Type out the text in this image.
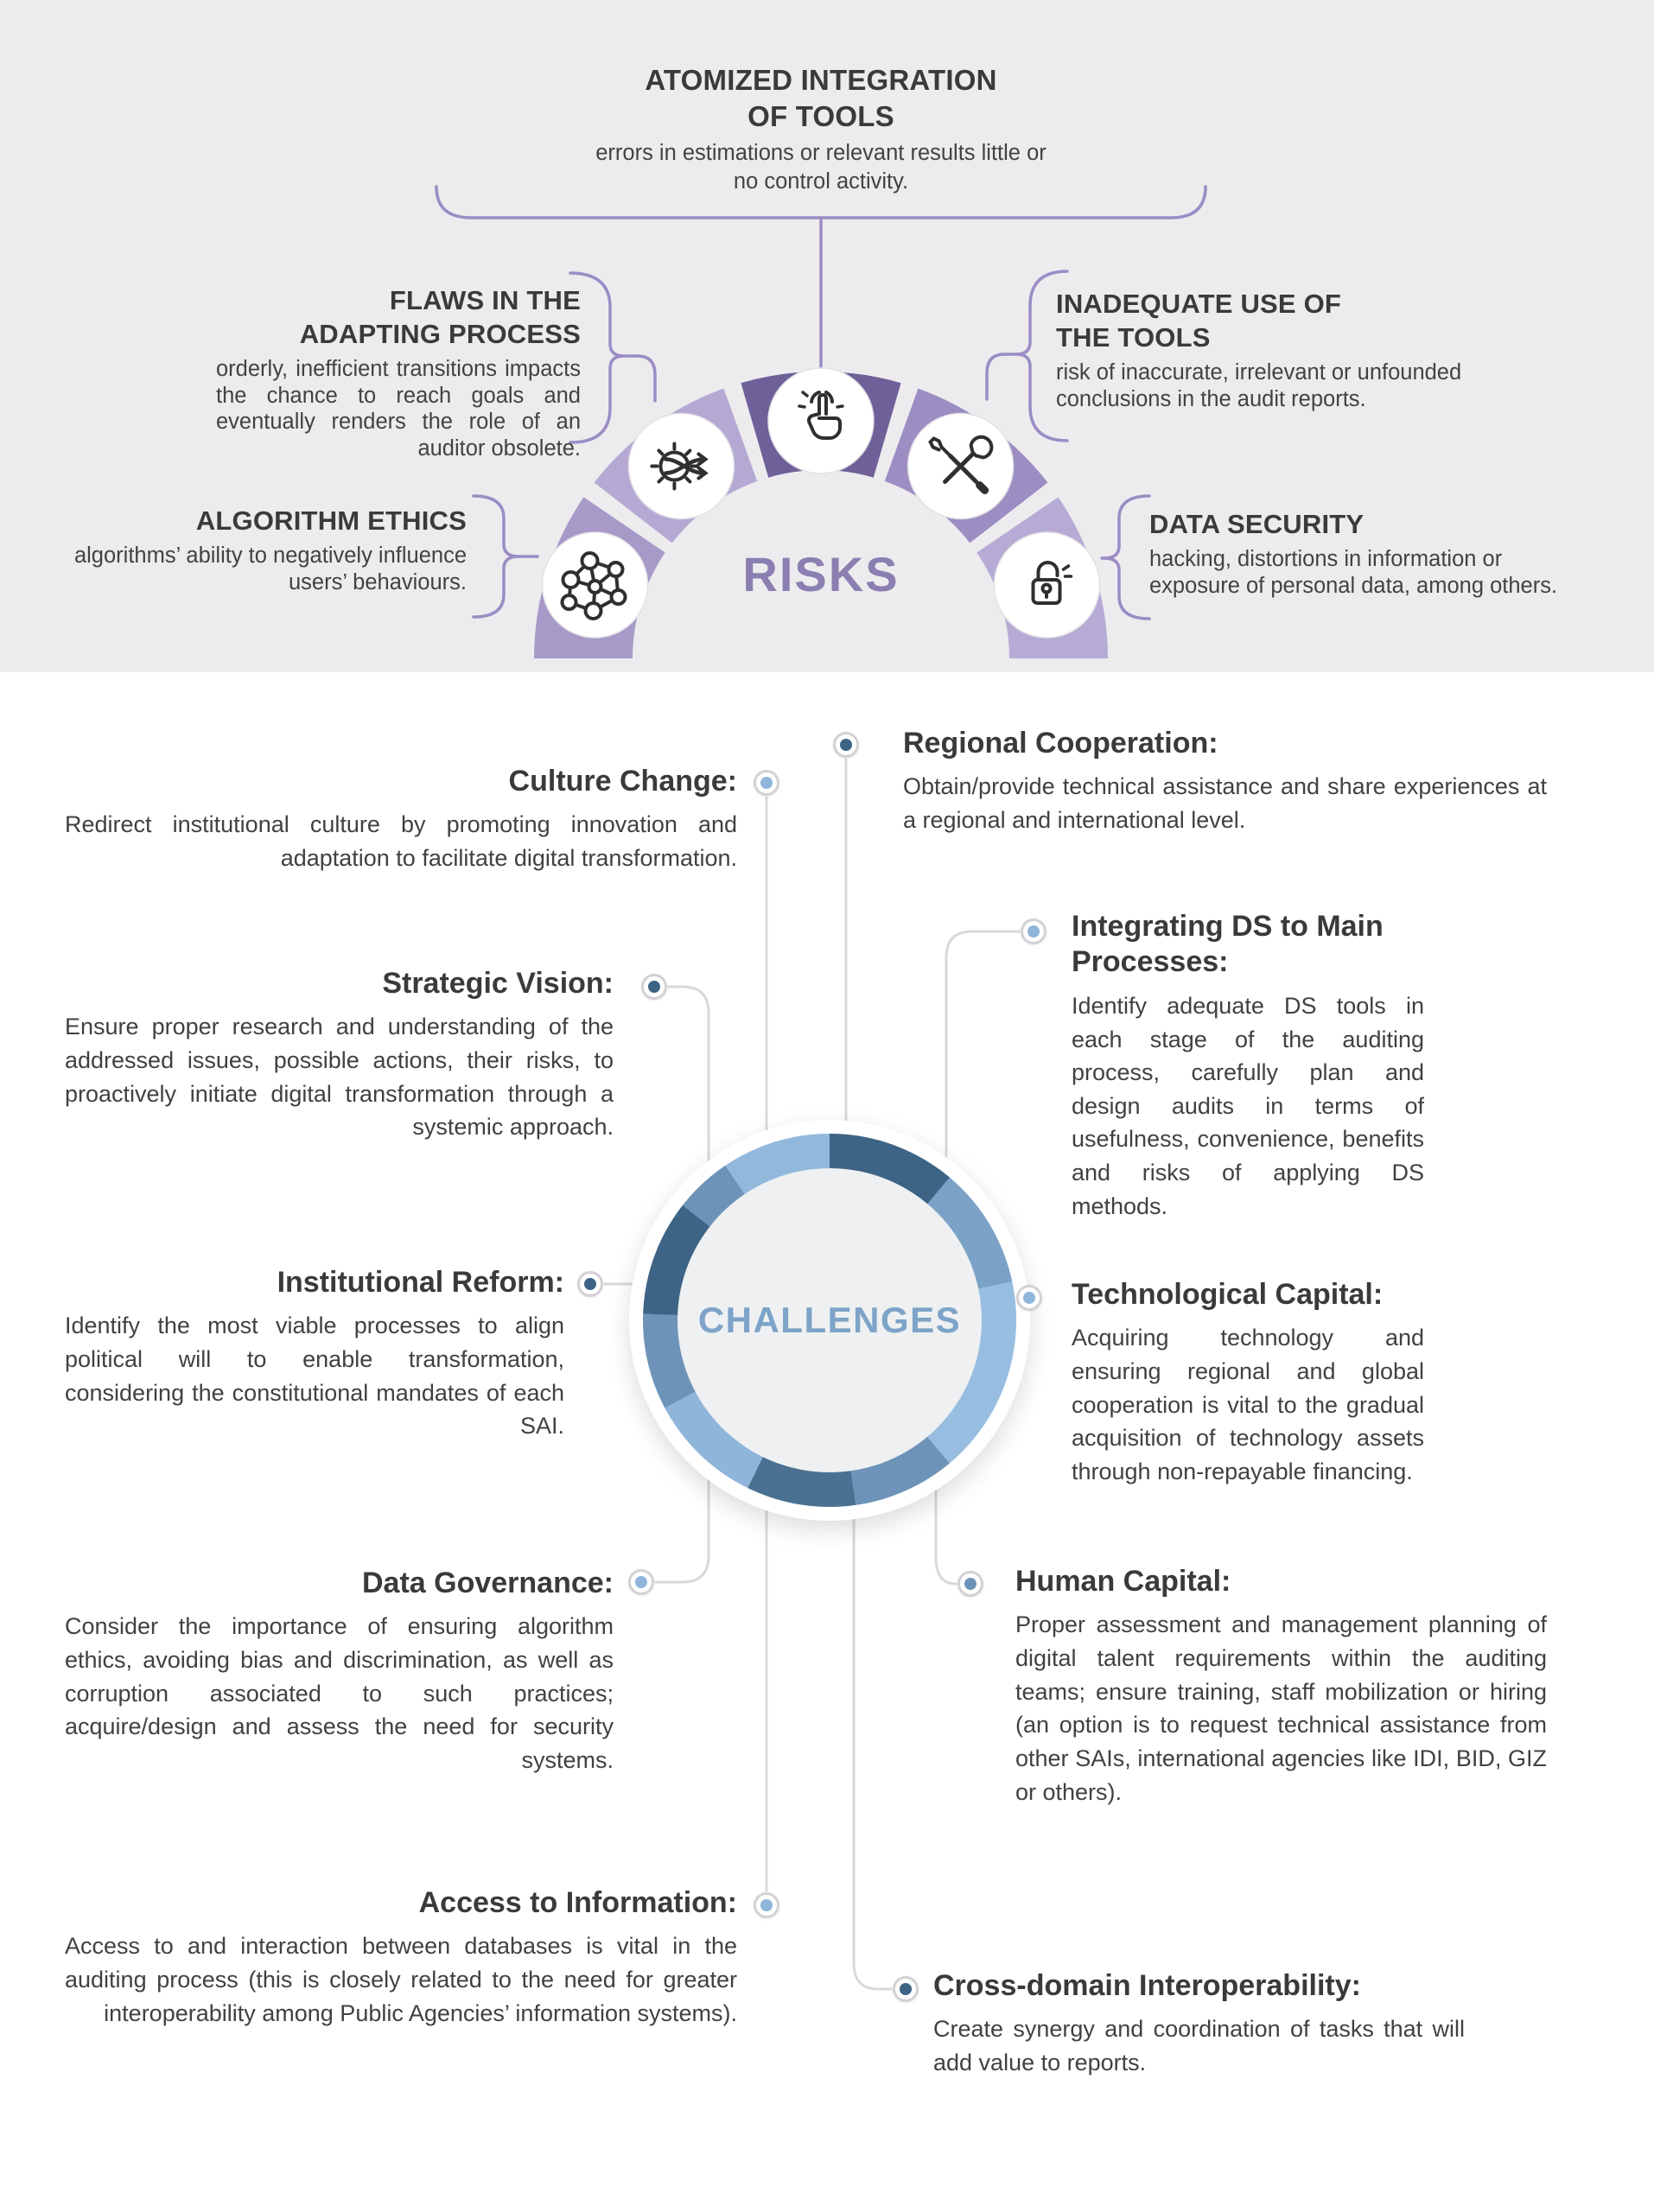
RISKS
ATOMIZED INTEGRATION
OF TOOLS
errors in estimations or relevant results little or no control activity.
FLAWS IN THE
ADAPTING PROCESS
orderly, inefficient transitions impacts the chance to reach goals and eventually renders the role of an auditor obsolete.
INADEQUATE USE OF
THE TOOLS
risk of inaccurate, irrelevant or unfounded conclusions in the audit reports.
ALGORITHM ETHICS
algorithms’ ability to negatively influence users’ behaviours.
DATA SECURITY
hacking, distortions in information or exposure of personal data, among others.
CHALLENGES
Culture Change:
Redirect institutional culture by promoting innovation and adaptation to facilitate digital transformation.
Strategic Vision:
Ensure proper research and understanding of the addressed issues, possible actions, their risks, to proactively initiate digital transformation through a systemic approach.
Institutional Reform:
Identify the most viable processes to align political will to enable transformation, considering the constitutional mandates of each SAI.
Data Governance:
Consider the importance of ensuring algorithm ethics, avoiding bias and discrimination, as well as corruption associated to such practices; acquire/design and assess the need for security systems.
Access to Information:
Access to and interaction between databases is vital in the auditing process (this is closely related to the need for greater interoperability among Public Agencies’ information systems).
Regional Cooperation:
Obtain/provide technical assistance and share experiences at a regional and international level.
Integrating DS to Main Processes:
Identify adequate DS tools in each stage of the auditing process, carefully plan and design audits in terms of usefulness, convenience, benefits and risks of applying DS methods.
Technological Capital:
Acquiring technology and ensuring regional and global cooperation is vital to the gradual acquisition of technology assets through non-repayable financing.
Human Capital:
Proper assessment and management planning of digital talent requirements within the auditing teams; ensure training, staff mobilization or hiring (an option is to request technical assistance from other SAIs, international agencies like IDI, BID, GIZ or others).
Cross-domain Interoperability:
Create synergy and coordination of tasks that will add value to reports.
